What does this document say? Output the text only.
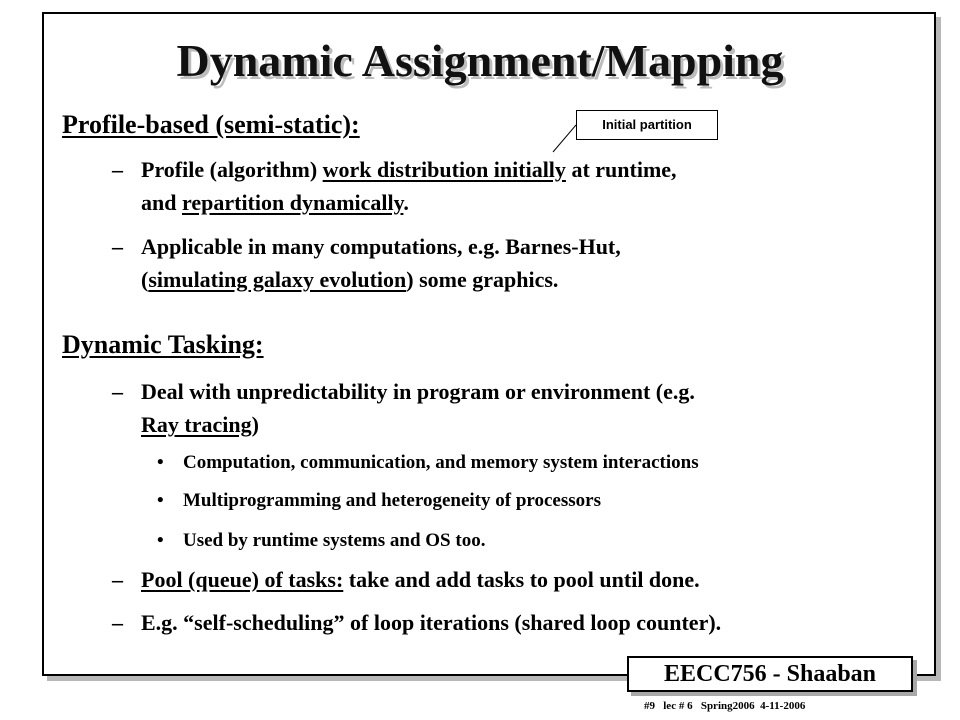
Dynamic Assignment/Mapping
Initial partition

Profile-based (semi-static):

– Profile (algorithm) work distribution initially at runtime,
and repartition dynamically.
– Applicable in many computations, e.g. Barnes-Hut,
(simulating galaxy evolution) some graphics.

Dynamic Tasking:

– Deal with unpredictability in program or environment (e.g.
Ray tracing)
• Computation, communication, and memory system interactions
• Multiprogramming and heterogeneity of processors
• Used by runtime systems and OS too.
– Pool (queue) of tasks: take and add tasks to pool until done.
– E.g. “self-scheduling” of loop iterations (shared loop counter).
EECC756 - Shaaban
#9   lec # 6   Spring2006  4-11-2006
